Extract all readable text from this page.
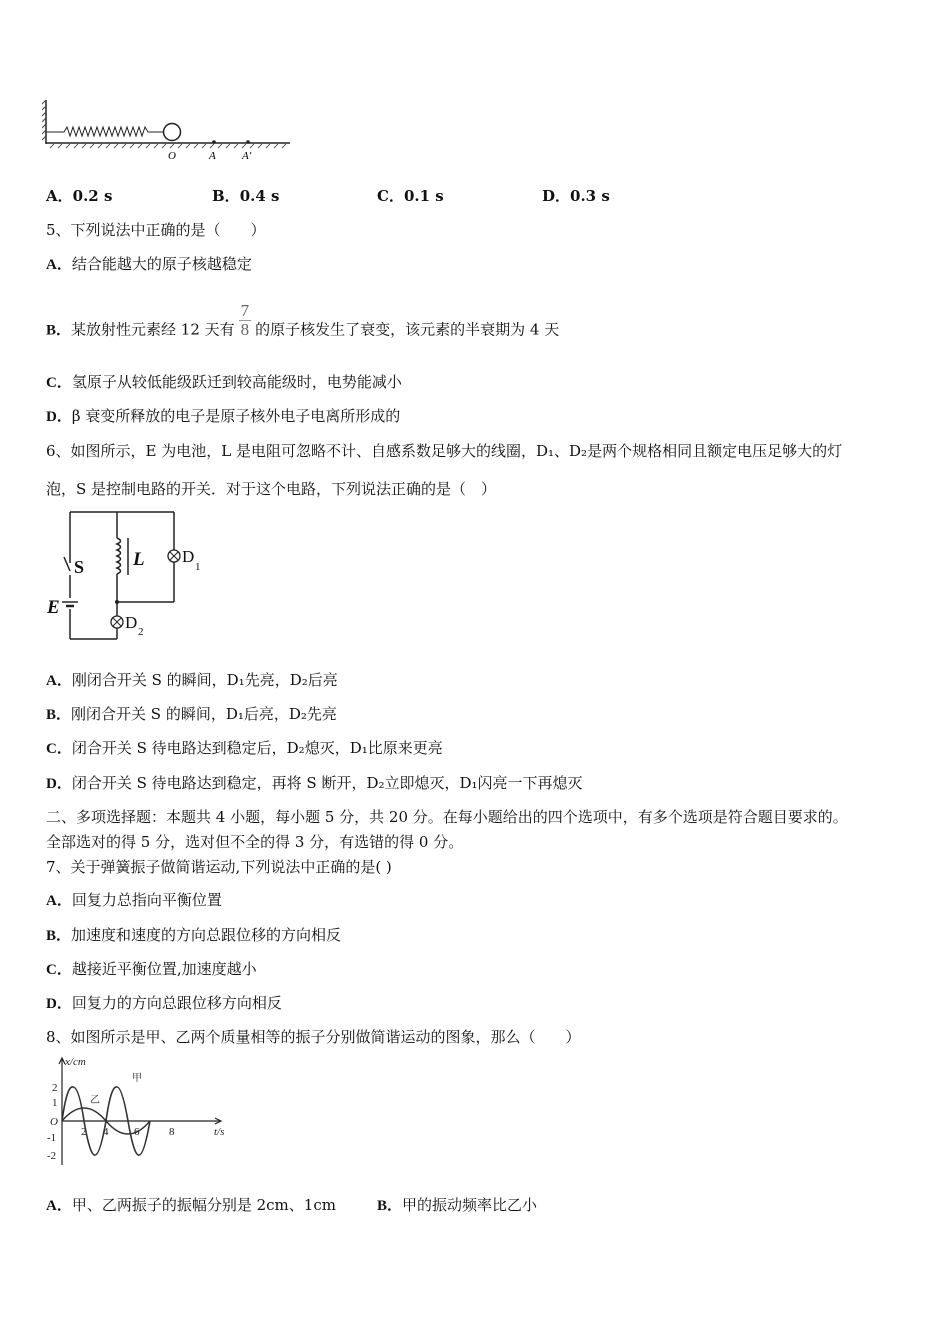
O	A A′
A．0.2 s	B．0.4 s	C．0.1 s	D．0.3 s
5、下列说法中正确的是（　　）
A．结合能越大的原子核越稳定
B．某放射性元素经 12 天有 $\frac{7}{8}$ 的原子核发生了衰变，该元素的半衰期为 4 天
C．氢原子从较低能级跃迁到较高能级时，电势能减小
D．β 衰变所释放的电子是原子核外电子电离所形成的
6、如图所示，E 为电池，L 是电阻可忽略不计、自感系数足够大的线圈，D₁、D₂是两个规格相同且额定电压足够大的灯
泡，S 是控制电路的开关．对于这个电路，下列说法正确的是（　）
S
E
L D
1
D 2
A．刚闭合开关 S 的瞬间，D₁先亮，D₂后亮
B．刚闭合开关 S 的瞬间，D₁后亮，D₂先亮
C．闭合开关 S 待电路达到稳定后，D₂熄灭，D₁比原来更亮
D．闭合开关 S 待电路达到稳定，再将 S 断开，D₂立即熄灭，D₁闪亮一下再熄灭
二、多项选择题：本题共 4 小题，每小题 5 分，共 20 分。在每小题给出的四个选项中，有多个选项是符合题目要求的。
全部选对的得 5 分，选对但不全的得 3 分，有选错的得 0 分。
7、关于弹簧振子做简谐运动,下列说法中正确的是( )
A．回复力总指向平衡位置
B．加速度和速度的方向总跟位移的方向相反
C．越接近平衡位置,加速度越小
D．回复力的方向总跟位移方向相反
8、如图所示是甲、乙两个质量相等的振子分别做简谐运动的图象，那么（　　）
x/cm
2
1
O
-1
-2
2 4 6	8	t/s
甲
乙
A．甲、乙两振子的振幅分别是 2cm、1cm	B．甲的振动频率比乙小
